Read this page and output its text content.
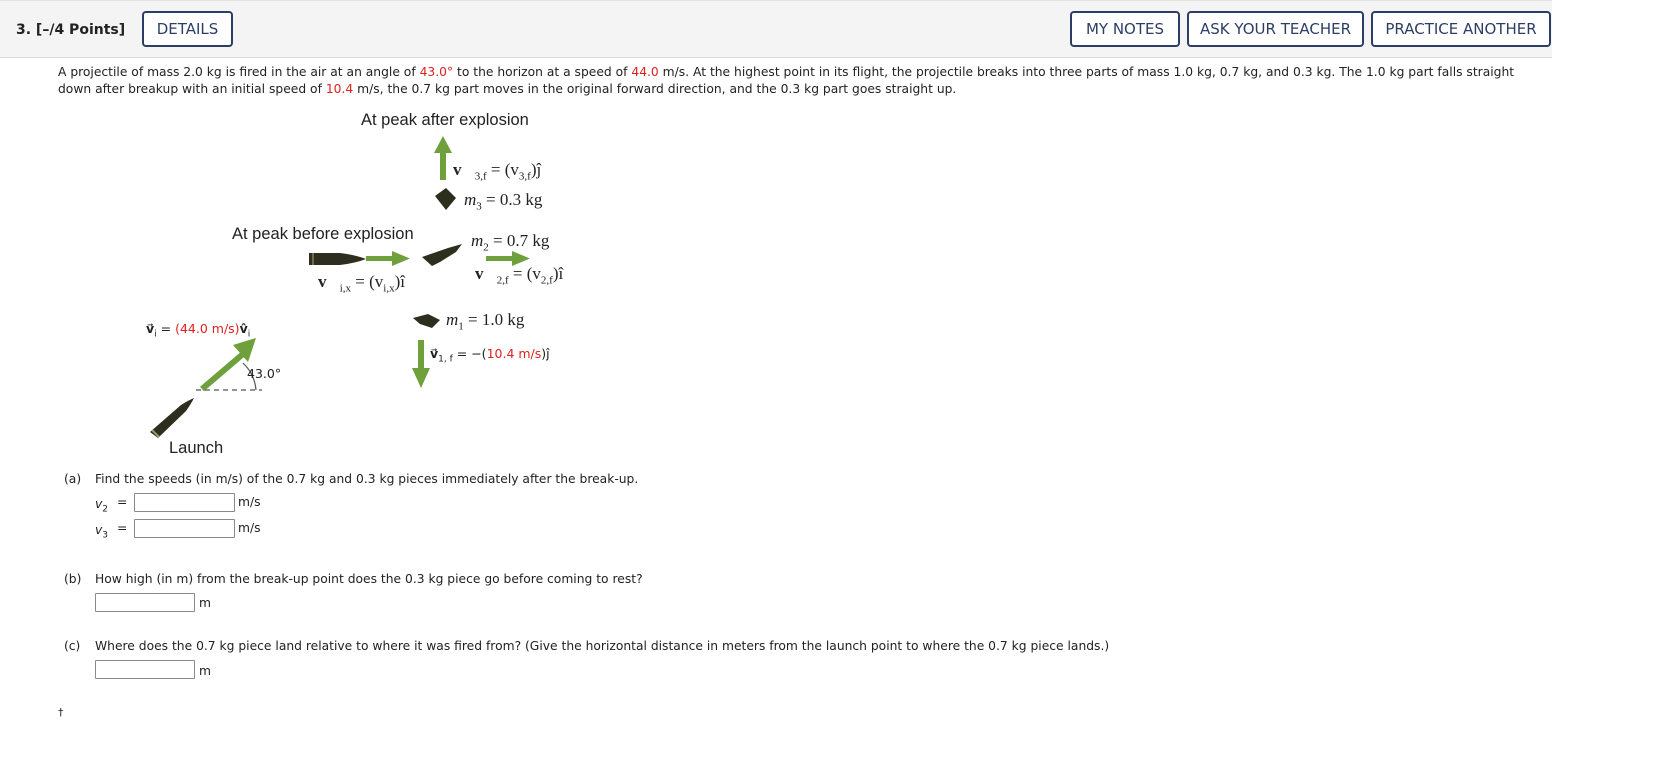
3. [–/4 Points]	DETAILS	MY NOTES	ASK YOUR TEACHER	PRACTICE ANOTHER
A projectile of mass 2.0 kg is fired in the air at an angle of 43.0° to the horizon at a speed of 44.0 m/s. At the highest point in its flight, the projectile breaks into three parts of mass 1.0 kg, 0.7 kg, and 0.3 kg. The 1.0 kg part falls straight down after breakup with an initial speed of 10.4 m/s, the 0.7 kg part moves in the original forward direction, and the 0.3 kg part goes straight up.
At peak after explosion
At peak before explosion
Launch
$v⃗_{3,f}$ = $(v_{3,f})ĵ$
$m_3 = 0.3$ kg
$m_2 = 0.7$ kg
$v⃗_{2,f}$ = $(v_{2,f})î$
$v⃗_{i,x}$ = $(v_{i,x})î$
$m_1 = 1.0$ kg
$v⃗_{1, f} = -(10.4$ m/s)ĵ
$v⃗_i = (44.0$ $m/s)v̂_i$
43.0°
(a) Find the speeds (in m/s) of the 0.7 kg and 0.3 kg pieces immediately after the break-up.
$v_2$
=	m/s
$v_3$
=	m/s
(b) How high (in m) from the break-up point does the 0.3 kg piece go before coming to rest?
m
(c) Where does the 0.7 kg piece land relative to where it was fired from? (Give the horizontal distance in meters from the launch point to where the 0.7 kg piece lands.)
m
†
